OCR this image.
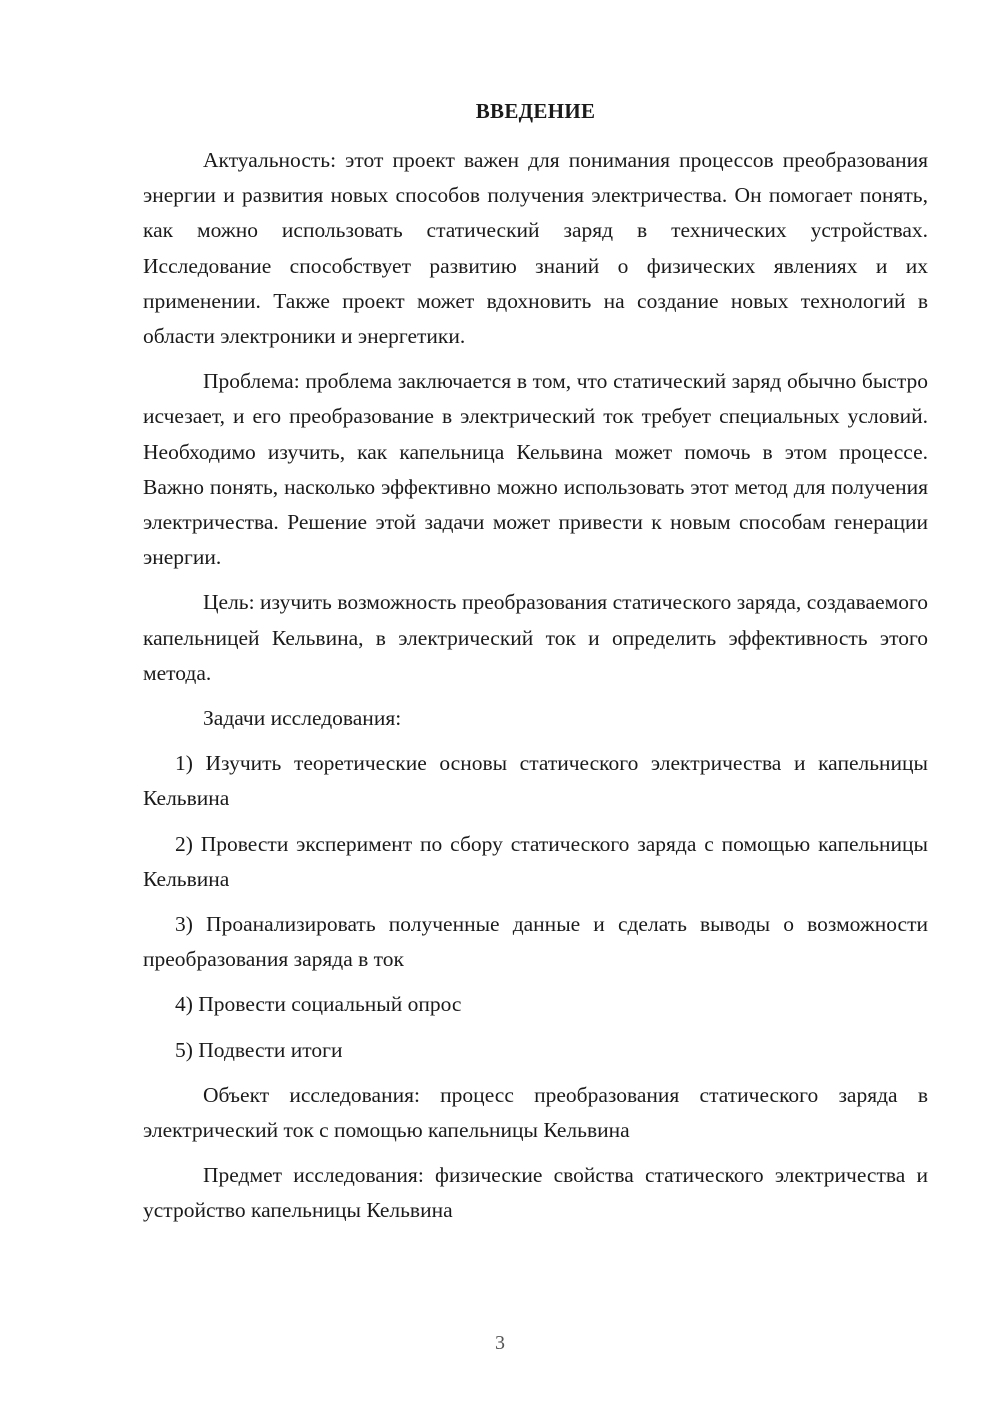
ВВЕДЕНИЕ

Актуальность: этот проект важен для понимания процессов преобразования энергии и развития новых способов получения электричества. Он помогает понять, как можно использовать статический заряд в технических устройствах. Исследование способствует развитию знаний о физических явлениях и их применении. Также проект может вдохновить на создание новых технологий в области электроники и энергетики.

Проблема: проблема заключается в том, что статический заряд обычно быстро исчезает, и его преобразование в электрический ток требует специальных условий. Необходимо изучить, как капельница Кельвина может помочь в этом процессе. Важно понять, насколько эффективно можно использовать этот метод для получения электричества. Решение этой задачи может привести к новым способам генерации энергии.

Цель: изучить возможность преобразования статического заряда, создаваемого капельницей Кельвина, в электрический ток и определить эффективность этого метода.

Задачи исследования:

1) Изучить теоретические основы статического электричества и капельницы Кельвина

2) Провести эксперимент по сбору статического заряда с помощью капельницы Кельвина

3) Проанализировать полученные данные и сделать выводы о возможности преобразования заряда в ток

4) Провести социальный опрос

5) Подвести итоги

Объект исследования: процесс преобразования статического заряда в электрический ток с помощью капельницы Кельвина

Предмет исследования: физические свойства статического электричества и устройство капельницы Кельвина

3
